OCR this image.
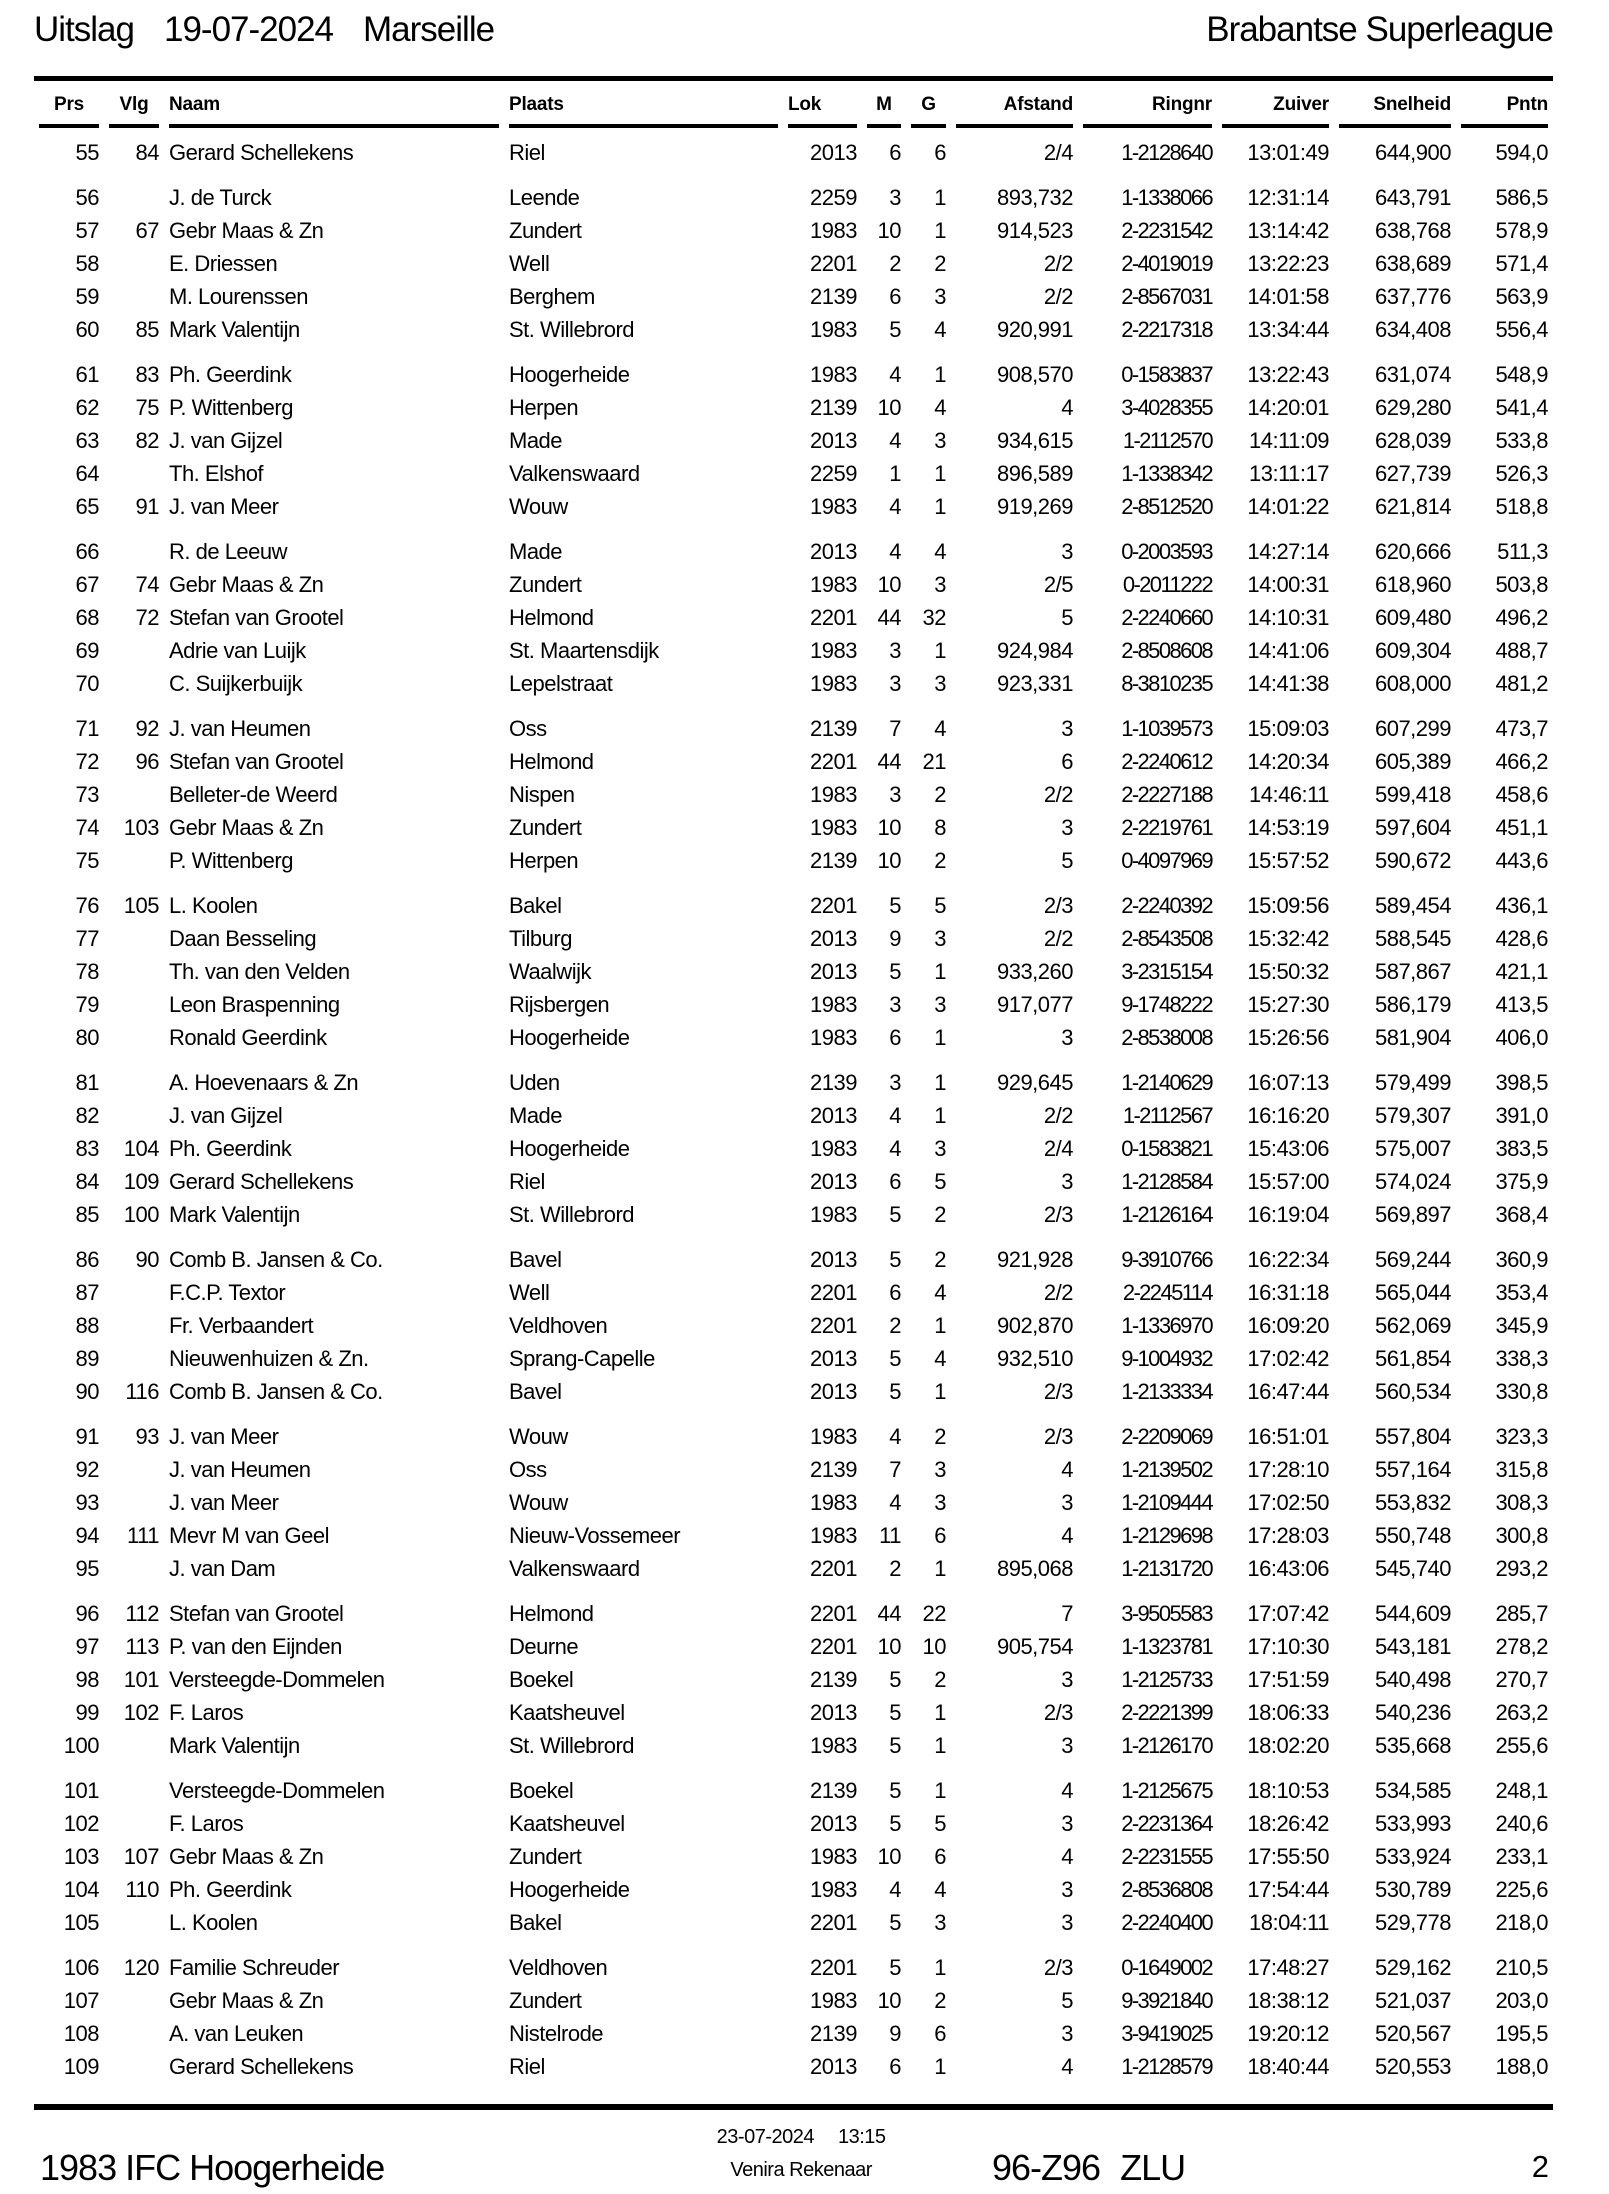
Uitslag 19-07-2024 Marseille	Brabantse Superleague
Prs	Vlg	Naam	Plaats	Lok	M	G	Afstand	Ringnr	Zuiver	Snelheid	Pntn

55	84	Gerard Schellekens	Riel	2013	6	6	2/4	1-2128640	13:01:49	644,900	594,0
56		J. de Turck	Leende	2259	3	1	893,732	1-1338066	12:31:14	643,791	586,5
57	67	Gebr Maas & Zn	Zundert	1983	10	1	914,523	2-2231542	13:14:42	638,768	578,9
58		E. Driessen	Well	2201	2	2	2/2	2-4019019	13:22:23	638,689	571,4
59		M. Lourenssen	Berghem	2139	6	3	2/2	2-8567031	14:01:58	637,776	563,9
60	85	Mark Valentijn	St. Willebrord	1983	5	4	920,991	2-2217318	13:34:44	634,408	556,4
61	83	Ph. Geerdink	Hoogerheide	1983	4	1	908,570	0-1583837	13:22:43	631,074	548,9
62	75	P. Wittenberg	Herpen	2139	10	4	4	3-4028355	14:20:01	629,280	541,4
63	82	J. van Gijzel	Made	2013	4	3	934,615	1-2112570	14:11:09	628,039	533,8
64		Th. Elshof	Valkenswaard	2259	1	1	896,589	1-1338342	13:11:17	627,739	526,3
65	91	J. van Meer	Wouw	1983	4	1	919,269	2-8512520	14:01:22	621,814	518,8
66		R. de Leeuw	Made	2013	4	4	3	0-2003593	14:27:14	620,666	511,3
67	74	Gebr Maas & Zn	Zundert	1983	10	3	2/5	0-2011222	14:00:31	618,960	503,8
68	72	Stefan van Grootel	Helmond	2201	44	32	5	2-2240660	14:10:31	609,480	496,2
69		Adrie van Luijk	St. Maartensdijk	1983	3	1	924,984	2-8508608	14:41:06	609,304	488,7
70		C. Suijkerbuijk	Lepelstraat	1983	3	3	923,331	8-3810235	14:41:38	608,000	481,2
71	92	J. van Heumen	Oss	2139	7	4	3	1-1039573	15:09:03	607,299	473,7
72	96	Stefan van Grootel	Helmond	2201	44	21	6	2-2240612	14:20:34	605,389	466,2
73		Belleter-de Weerd	Nispen	1983	3	2	2/2	2-2227188	14:46:11	599,418	458,6
74	103	Gebr Maas & Zn	Zundert	1983	10	8	3	2-2219761	14:53:19	597,604	451,1
75		P. Wittenberg	Herpen	2139	10	2	5	0-4097969	15:57:52	590,672	443,6
76	105	L. Koolen	Bakel	2201	5	5	2/3	2-2240392	15:09:56	589,454	436,1
77		Daan Besseling	Tilburg	2013	9	3	2/2	2-8543508	15:32:42	588,545	428,6
78		Th. van den Velden	Waalwijk	2013	5	1	933,260	3-2315154	15:50:32	587,867	421,1
79		Leon Braspenning	Rijsbergen	1983	3	3	917,077	9-1748222	15:27:30	586,179	413,5
80		Ronald Geerdink	Hoogerheide	1983	6	1	3	2-8538008	15:26:56	581,904	406,0
81		A. Hoevenaars & Zn	Uden	2139	3	1	929,645	1-2140629	16:07:13	579,499	398,5
82		J. van Gijzel	Made	2013	4	1	2/2	1-2112567	16:16:20	579,307	391,0
83	104	Ph. Geerdink	Hoogerheide	1983	4	3	2/4	0-1583821	15:43:06	575,007	383,5
84	109	Gerard Schellekens	Riel	2013	6	5	3	1-2128584	15:57:00	574,024	375,9
85	100	Mark Valentijn	St. Willebrord	1983	5	2	2/3	1-2126164	16:19:04	569,897	368,4
86	90	Comb B. Jansen & Co.	Bavel	2013	5	2	921,928	9-3910766	16:22:34	569,244	360,9
87		F.C.P. Textor	Well	2201	6	4	2/2	2-2245114	16:31:18	565,044	353,4
88		Fr. Verbaandert	Veldhoven	2201	2	1	902,870	1-1336970	16:09:20	562,069	345,9
89		Nieuwenhuizen & Zn.	Sprang-Capelle	2013	5	4	932,510	9-1004932	17:02:42	561,854	338,3
90	116	Comb B. Jansen & Co.	Bavel	2013	5	1	2/3	1-2133334	16:47:44	560,534	330,8
91	93	J. van Meer	Wouw	1983	4	2	2/3	2-2209069	16:51:01	557,804	323,3
92		J. van Heumen	Oss	2139	7	3	4	1-2139502	17:28:10	557,164	315,8
93		J. van Meer	Wouw	1983	4	3	3	1-2109444	17:02:50	553,832	308,3
94	111	Mevr M van Geel	Nieuw-Vossemeer	1983	11	6	4	1-2129698	17:28:03	550,748	300,8
95		J. van Dam	Valkenswaard	2201	2	1	895,068	1-2131720	16:43:06	545,740	293,2
96	112	Stefan van Grootel	Helmond	2201	44	22	7	3-9505583	17:07:42	544,609	285,7
97	113	P. van den Eijnden	Deurne	2201	10	10	905,754	1-1323781	17:10:30	543,181	278,2
98	101	Versteegde-Dommelen	Boekel	2139	5	2	3	1-2125733	17:51:59	540,498	270,7
99	102	F. Laros	Kaatsheuvel	2013	5	1	2/3	2-2221399	18:06:33	540,236	263,2
100		Mark Valentijn	St. Willebrord	1983	5	1	3	1-2126170	18:02:20	535,668	255,6
101		Versteegde-Dommelen	Boekel	2139	5	1	4	1-2125675	18:10:53	534,585	248,1
102		F. Laros	Kaatsheuvel	2013	5	5	3	2-2231364	18:26:42	533,993	240,6
103	107	Gebr Maas & Zn	Zundert	1983	10	6	4	2-2231555	17:55:50	533,924	233,1
104	110	Ph. Geerdink	Hoogerheide	1983	4	4	3	2-8536808	17:54:44	530,789	225,6
105		L. Koolen	Bakel	2201	5	3	3	2-2240400	18:04:11	529,778	218,0
106	120	Familie Schreuder	Veldhoven	2201	5	1	2/3	0-1649002	17:48:27	529,162	210,5
107		Gebr Maas & Zn	Zundert	1983	10	2	5	9-3921840	18:38:12	521,037	203,0
108		A. van Leuken	Nistelrode	2139	9	6	3	3-9419025	19:20:12	520,567	195,5
109		Gerard Schellekens	Riel	2013	6	1	4	1-2128579	18:40:44	520,553	188,0
1983 IFC Hoogerheide
23-07-2024 13:15
Venira Rekenaar	96-Z96 ZLU	2
